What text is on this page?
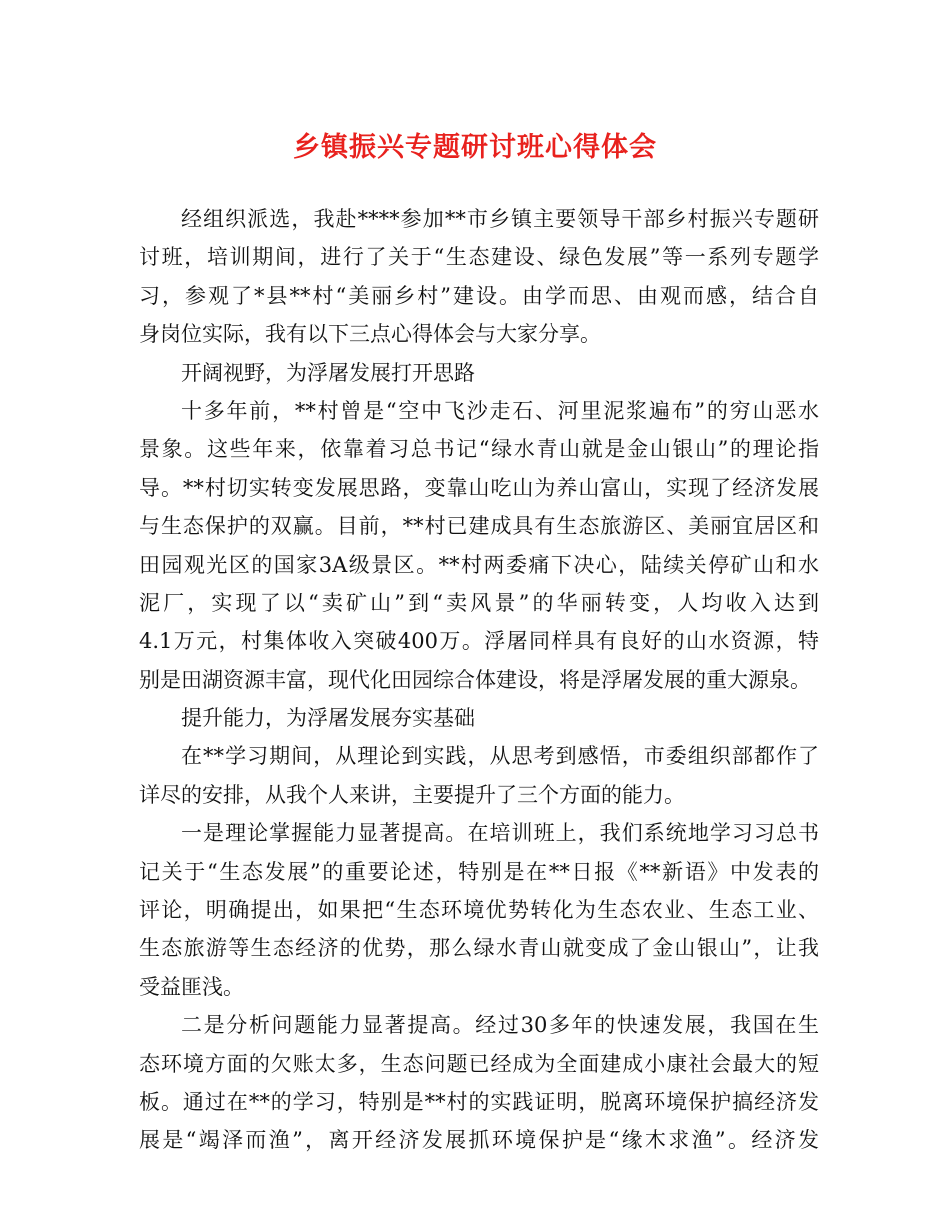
乡镇振兴专题研讨班心得体会
经组织派选，我赴****参加**市乡镇主要领导干部乡村振兴专题研
讨班，培训期间，进行了关于“生态建设、绿色发展”等一系列专题学
习，参观了*县**村“美丽乡村”建设。由学而思、由观而感，结合自
身岗位实际，我有以下三点心得体会与大家分享。
开阔视野，为浮屠发展打开思路
十多年前，**村曾是“空中飞沙走石、河里泥浆遍布”的穷山恶水
景象。这些年来，依靠着习总书记“绿水青山就是金山银山”的理论指
导。**村切实转变发展思路，变靠山吃山为养山富山，实现了经济发展
与生态保护的双赢。目前，**村已建成具有生态旅游区、美丽宜居区和
田园观光区的国家3A级景区。**村两委痛下决心，陆续关停矿山和水
泥厂，实现了以“卖矿山”到“卖风景”的华丽转变，人均收入达到
4.1万元，村集体收入突破400万。浮屠同样具有良好的山水资源，特
别是田湖资源丰富，现代化田园综合体建设，将是浮屠发展的重大源泉。
提升能力，为浮屠发展夯实基础
在**学习期间，从理论到实践，从思考到感悟，市委组织部都作了
详尽的安排，从我个人来讲，主要提升了三个方面的能力。
一是理论掌握能力显著提高。在培训班上，我们系统地学习习总书
记关于“生态发展”的重要论述，特别是在**日报《**新语》中发表的
评论，明确提出，如果把“生态环境优势转化为生态农业、生态工业、
生态旅游等生态经济的优势，那么绿水青山就变成了金山银山”，让我
受益匪浅。
二是分析问题能力显著提高。经过30多年的快速发展，我国在生
态环境方面的欠账太多，生态问题已经成为全面建成小康社会最大的短
板。通过在**的学习，特别是**村的实践证明，脱离环境保护搞经济发
展是“竭泽而渔”，离开经济发展抓环境保护是“缘木求渔”。经济发
